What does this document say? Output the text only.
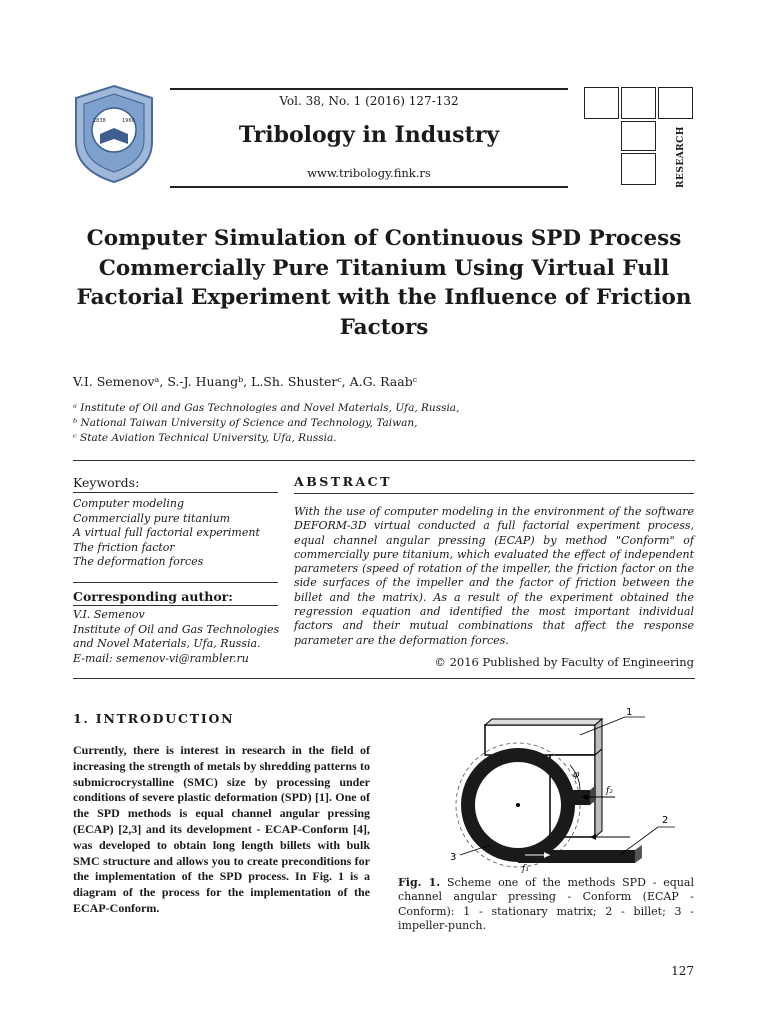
1838	1960
Vol. 38, No. 1 (2016) 127-132
Tribology in Industry
www.tribology.fink.rs	RESEARCH
Computer Simulation of Continuous SPD Process Commercially Pure Titanium Using Virtual Full Factorial Experiment with the Influence of Friction Factors
V.I. Semenovᵃ, S.-J. Huangᵇ, L.Sh. Shusterᶜ, A.G. Raabᶜ
ᵃ Institute of Oil and Gas Technologies and Novel Materials, Ufa, Russia,
ᵇ National Taiwan University of Science and Technology, Taiwan,
ᶜ State Aviation Technical University, Ufa, Russia.
Keywords:
Computer modeling
Commercially pure titanium
A virtual full factorial experiment
The friction factor
The deformation forces
Corresponding author:
V.I. Semenov
Institute of Oil and Gas Technologies
and Novel Materials, Ufa, Russia.
E-mail: semenov-vi@rambler.ru
ABSTRACT

With the use of computer modeling in the environment of the software DEFORM-3D virtual conducted a full factorial experiment process, equal channel angular pressing (ECAP) by method "Conform" of commercially pure titanium, which evaluated the effect of independent parameters (speed of rotation of the impeller, the friction factor on the side surfaces of the impeller and the factor of friction between the billet and the matrix). As a result of the experiment obtained the regression equation and identified the most important individual factors and their mutual combinations that affect the response parameter are the deformation forces.

© 2016 Published by Faculty of Engineering
1. INTRODUCTION

Currently, there is interest in research in the field of increasing the strength of metals by shredding patterns to submicrocrystalline (SMC) size by processing under conditions of severe plastic deformation (SPD) [1]. One of the SPD methods is equal channel angular pressing (ECAP) [2,3] and its development - ECAP-Conform [4], was developed to obtain long length billets with bulk SMC structure and allows you to create preconditions for the implementation of the SPD process. In Fig. 1 is a diagram of the process for the implementation of the ECAP-Conform.

1
2
3
φ
f₂
f₁

Fig. 1. Scheme one of the methods SPD - equal channel angular pressing - Conform (ECAP - Conform): 1 - stationary matrix; 2 - billet; 3 - impeller-punch.

127
